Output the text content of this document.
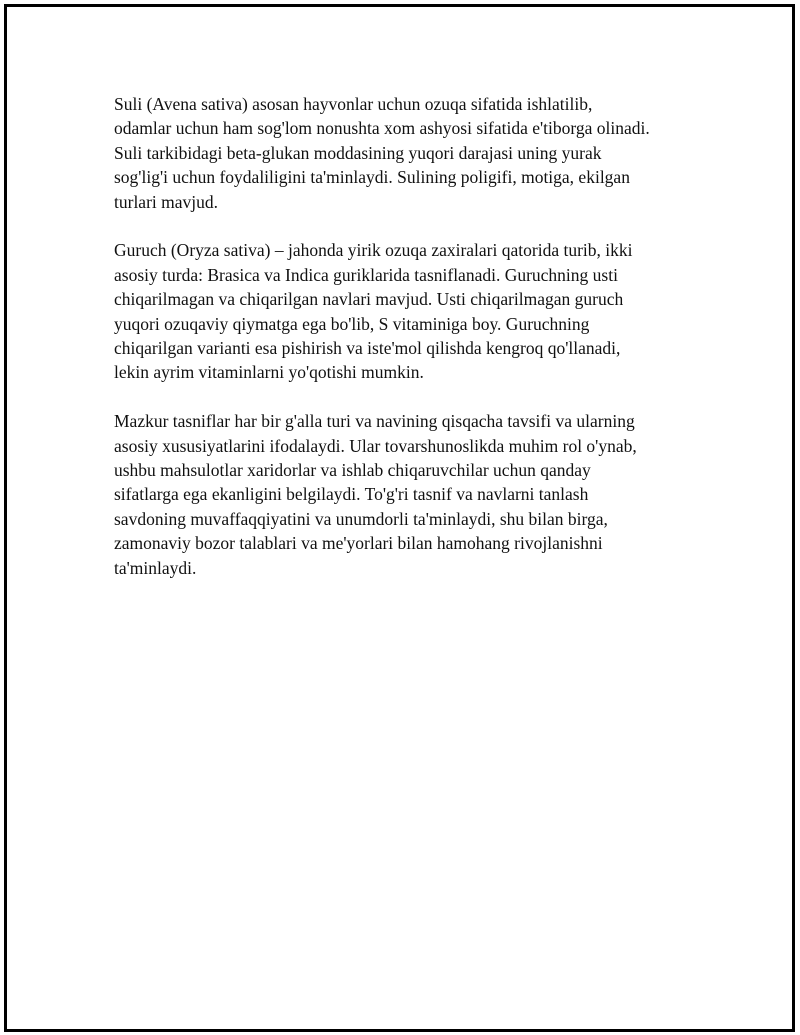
Suli (Avena sativa) asosan hayvonlar uchun ozuqa sifatida ishlatilib,
odamlar uchun ham sog'lom nonushta xom ashyosi sifatida e'tiborga olinadi.
Suli tarkibidagi beta-glukan moddasining yuqori darajasi uning yurak
sog'lig'i uchun foydaliligini ta'minlaydi. Sulining poligifi, motiga, ekilgan
turlari mavjud.

Guruch (Oryza sativa) – jahonda yirik ozuqa zaxiralari qatorida turib, ikki
asosiy turda: Brasica va Indica guriklarida tasniflanadi. Guruchning usti
chiqarilmagan va chiqarilgan navlari mavjud. Usti chiqarilmagan guruch
yuqori ozuqaviy qiymatga ega bo'lib, S vitaminiga boy. Guruchning
chiqarilgan varianti esa pishirish va iste'mol qilishda kengroq qo'llanadi,
lekin ayrim vitaminlarni yo'qotishi mumkin.

Mazkur tasniflar har bir g'alla turi va navining qisqacha tavsifi va ularning
asosiy xususiyatlarini ifodalaydi. Ular tovarshunoslikda muhim rol o'ynab,
ushbu mahsulotlar xaridorlar va ishlab chiqaruvchilar uchun qanday
sifatlarga ega ekanligini belgilaydi. To'g'ri tasnif va navlarni tanlash
savdoning muvaffaqqiyatini va unumdorli ta'minlaydi, shu bilan birga,
zamonaviy bozor talablari va me'yorlari bilan hamohang rivojlanishni
ta'minlaydi.
